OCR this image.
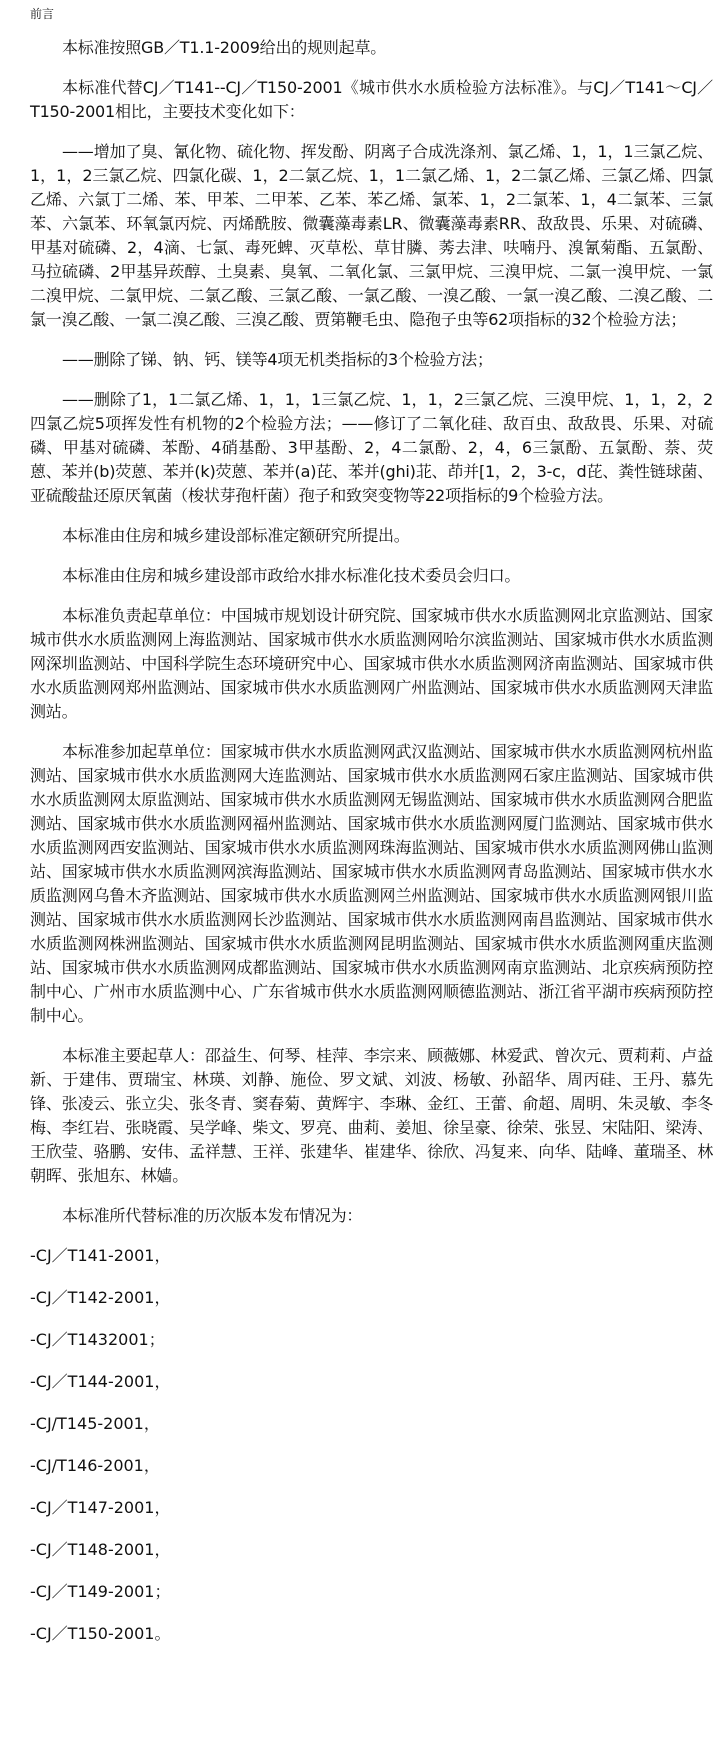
前言

本标准按照GB／T1.1-2009给出的规则起草。

本标准代替CJ／T141--CJ／T150-2001《城市供水水质检验方法标准》。与CJ／T141～CJ／T150-2001相比，主要技术变化如下：

——增加了臭、氰化物、硫化物、挥发酚、阴离子合成洗涤剂、氯乙烯、1，1，1三氯乙烷、1，1，2三氯乙烷、四氯化碳、1，2二氯乙烷、1，1二氯乙烯、1，2二氯乙烯、三氯乙烯、四氯乙烯、六氯丁二烯、苯、甲苯、二甲苯、乙苯、苯乙烯、氯苯、1，2二氯苯、1，4二氯苯、三氯苯、六氯苯、环氧氯丙烷、丙烯酰胺、微囊藻毒素LR、微囊藻毒素RR、敌敌畏、乐果、对硫磷、甲基对硫磷、2，4滴、七氯、毒死蜱、灭草松、草甘膦、莠去津、呋喃丹、溴氰菊酯、五氯酚、马拉硫磷、2甲基异莰醇、土臭素、臭氧、二氧化氯、三氯甲烷、三溴甲烷、二氯一溴甲烷、一氯二溴甲烷、二氯甲烷、二氯乙酸、三氯乙酸、一氯乙酸、一溴乙酸、一氯一溴乙酸、二溴乙酸、二氯一溴乙酸、一氯二溴乙酸、三溴乙酸、贾第鞭毛虫、隐孢子虫等62项指标的32个检验方法；

——删除了锑、钠、钙、镁等4项无机类指标的3个检验方法；

——删除了1，1二氯乙烯、1，1，1三氯乙烷、1，1，2三氯乙烷、三溴甲烷、1，1，2，2四氯乙烷5项挥发性有机物的2个检验方法；——修订了二氧化硅、敌百虫、敌敌畏、乐果、对硫磷、甲基对硫磷、苯酚、4硝基酚、3甲基酚、2，4二氯酚、2，4，6三氯酚、五氯酚、萘、荧蒽、苯并(b)荧蒽、苯并(k)荧蒽、苯并(a)芘、苯并(ghi)苝、茚并[1，2，3-c，d芘、粪性链球菌、亚硫酸盐还原厌氧菌（梭状芽孢杆菌）孢子和致突变物等22项指标的9个检验方法。

本标准由住房和城乡建设部标准定额研究所提出。

本标准由住房和城乡建设部市政给水排水标准化技术委员会归口。

本标准负责起草单位：中国城市规划设计研究院、国家城市供水水质监测网北京监测站、国家城市供水水质监测网上海监测站、国家城市供水水质监测网哈尔滨监测站、国家城市供水水质监测网深圳监测站、中国科学院生态环境研究中心、国家城市供水水质监测网济南监测站、国家城市供水水质监测网郑州监测站、国家城市供水水质监测网广州监测站、国家城市供水水质监测网天津监测站。

本标准参加起草单位：国家城市供水水质监测网武汉监测站、国家城市供水水质监测网杭州监测站、国家城市供水水质监测网大连监测站、国家城市供水水质监测网石家庄监测站、国家城市供水水质监测网太原监测站、国家城市供水水质监测网无锡监测站、国家城市供水水质监测网合肥监测站、国家城市供水水质监测网福州监测站、国家城市供水水质监测网厦门监测站、国家城市供水水质监测网西安监测站、国家城市供水水质监测网珠海监测站、国家城市供水水质监测网佛山监测站、国家城市供水水质监测网滨海监测站、国家城市供水水质监测网青岛监测站、国家城市供水水质监测网乌鲁木齐监测站、国家城市供水水质监测网兰州监测站、国家城市供水水质监测网银川监测站、国家城市供水水质监测网长沙监测站、国家城市供水水质监测网南昌监测站、国家城市供水水质监测网株洲监测站、国家城市供水水质监测网昆明监测站、国家城市供水水质监测网重庆监测站、国家城市供水水质监测网成都监测站、国家城市供水水质监测网南京监测站、北京疾病预防控制中心、广州市水质监测中心、广东省城市供水水质监测网顺德监测站、浙江省平湖市疾病预防控制中心。

本标准主要起草人：邵益生、何琴、桂萍、李宗来、顾薇娜、林爱武、曾次元、贾莉莉、卢益新、于建伟、贾瑞宝、林瑛、刘静、施俭、罗文斌、刘波、杨敏、孙韶华、周丙硅、王丹、慕先锋、张凌云、张立尖、张冬青、窦春菊、黄辉宇、李琳、金红、王蕾、俞超、周明、朱灵敏、李冬梅、李红岩、张晓霞、吴学峰、柴文、罗亮、曲莉、姜旭、徐呈豪、徐荣、张昱、宋陆阳、梁涛、王欣莹、骆鹏、安伟、孟祥慧、王祥、张建华、崔建华、徐欣、冯复来、向华、陆峰、董瑞圣、林朝晖、张旭东、林嫱。

本标准所代替标准的历次版本发布情况为：

-CJ／T141-2001，
-CJ／T142-2001，
-CJ／T1432001；
-CJ／T144-2001，
-CJ/T145-2001，
-CJ/T146-2001，
-CJ／T147-2001，
-CJ／T148-2001，
-CJ／T149-2001；
-CJ／T150-2001。
